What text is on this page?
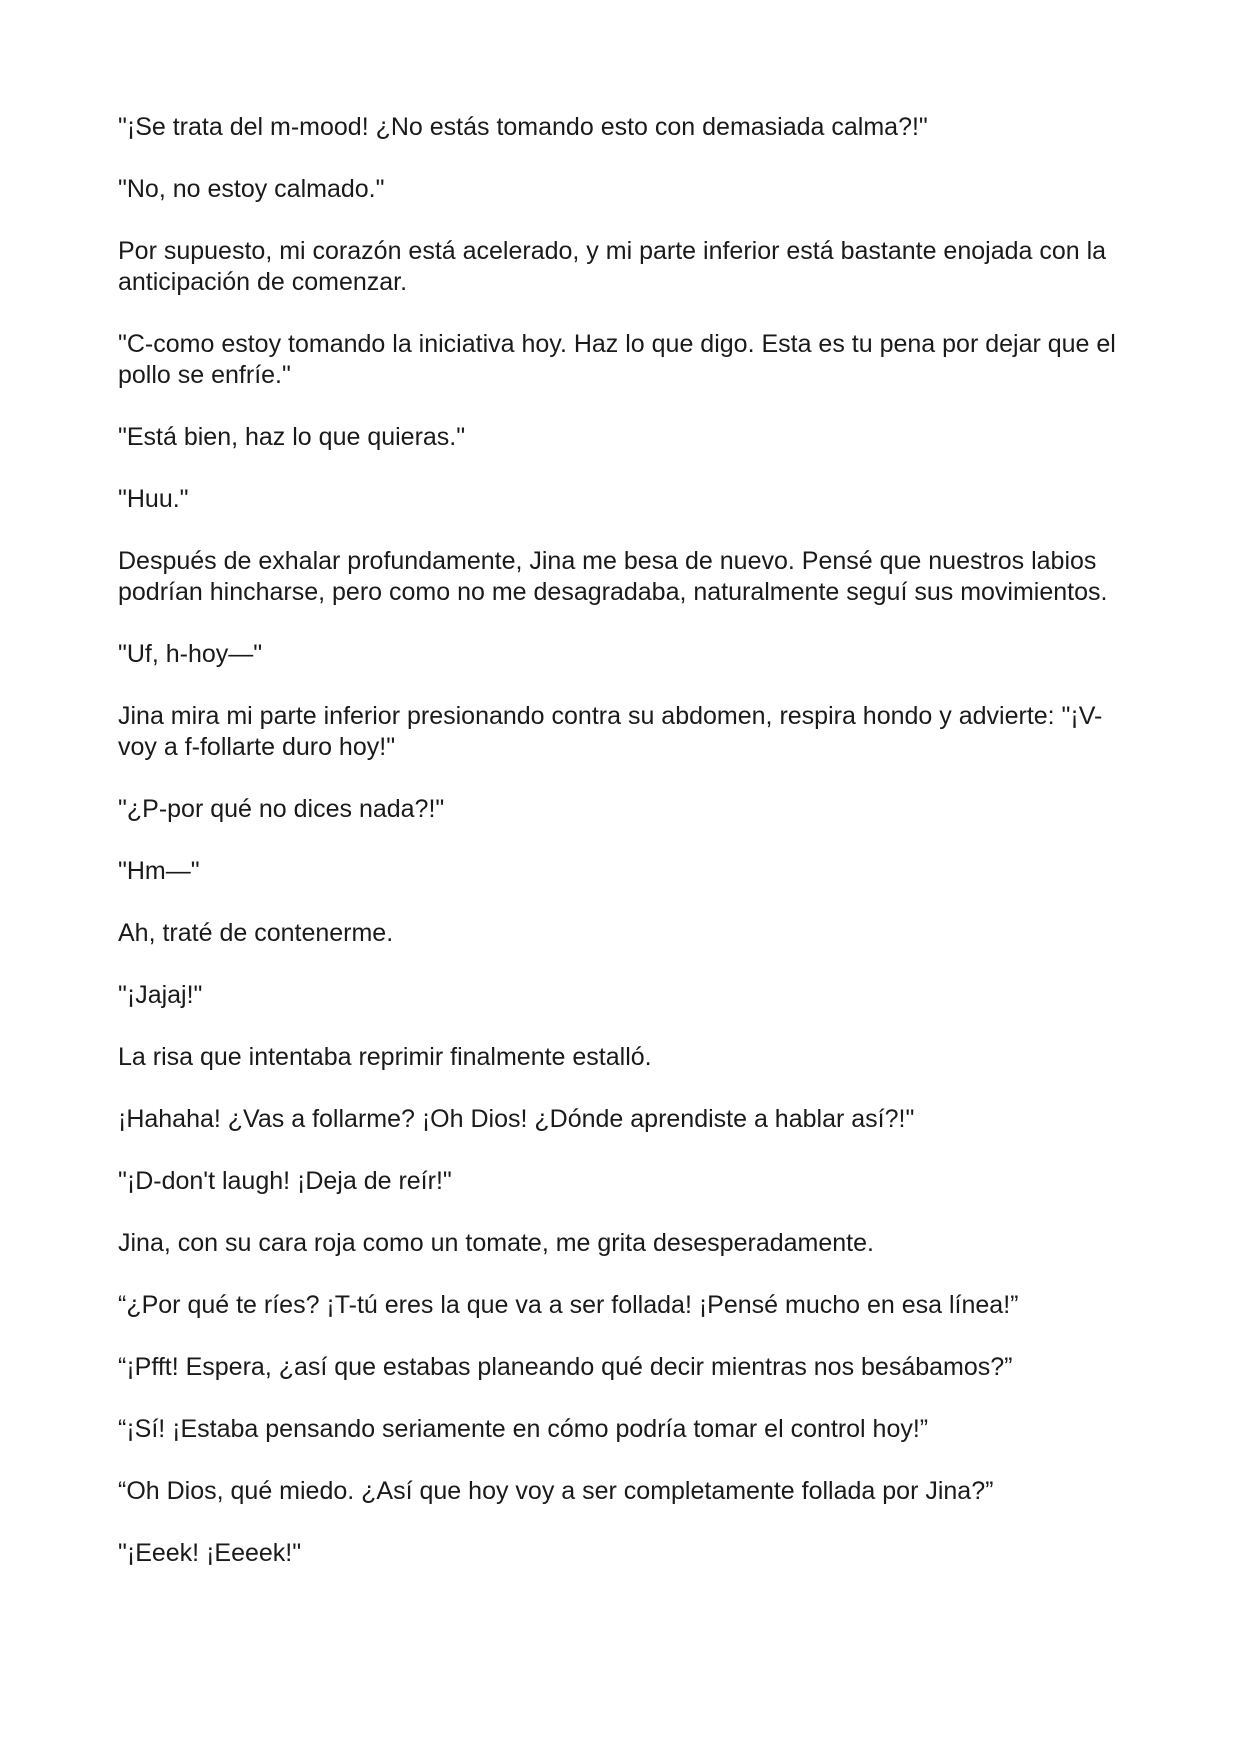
"¡Se trata del m-mood! ¿No estás tomando esto con demasiada calma?!"

"No, no estoy calmado."

Por supuesto, mi corazón está acelerado, y mi parte inferior está bastante enojada con la anticipación de comenzar.

"C-como estoy tomando la iniciativa hoy. Haz lo que digo. Esta es tu pena por dejar que el pollo se enfríe."

"Está bien, haz lo que quieras."

"Huu."

Después de exhalar profundamente, Jina me besa de nuevo. Pensé que nuestros labios podrían hincharse, pero como no me desagradaba, naturalmente seguí sus movimientos.

"Uf, h-hoy—"

Jina mira mi parte inferior presionando contra su abdomen, respira hondo y advierte: "¡V-voy a f-follarte duro hoy!"

"¿P-por qué no dices nada?!"

"Hm—"

Ah, traté de contenerme.

"¡Jajaj!"

La risa que intentaba reprimir finalmente estalló.

¡Hahaha! ¿Vas a follarme? ¡Oh Dios! ¿Dónde aprendiste a hablar así?!"

"¡D-don't laugh! ¡Deja de reír!"

Jina, con su cara roja como un tomate, me grita desesperadamente.

“¿Por qué te ríes? ¡T-tú eres la que va a ser follada! ¡Pensé mucho en esa línea!”

“¡Pfft! Espera, ¿así que estabas planeando qué decir mientras nos besábamos?”

“¡Sí! ¡Estaba pensando seriamente en cómo podría tomar el control hoy!”

“Oh Dios, qué miedo. ¿Así que hoy voy a ser completamente follada por Jina?”

"¡Eeek! ¡Eeeek!"
